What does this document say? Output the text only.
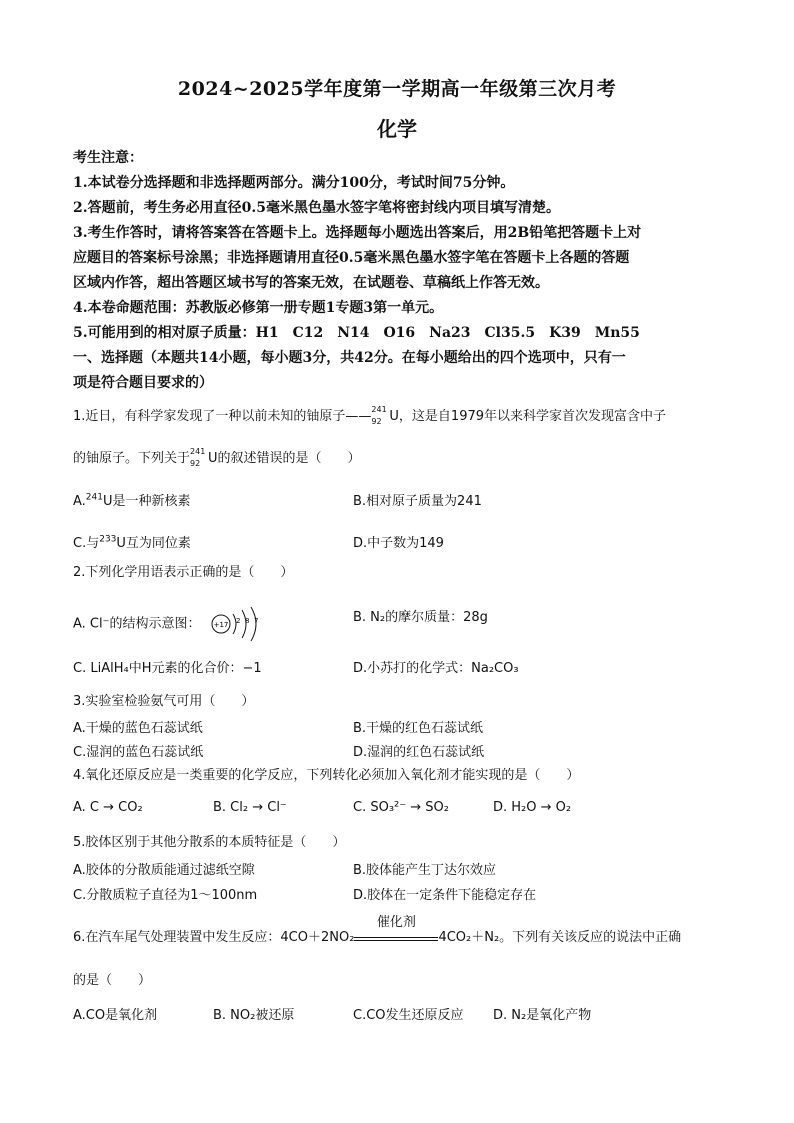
2024~2025学年度第一学期高一年级第三次月考
化学
考生注意：
1.本试卷分选择题和非选择题两部分。满分100分，考试时间75分钟。
2.答题前，考生务必用直径0.5毫米黑色墨水签字笔将密封线内项目填写清楚。
3.考生作答时，请将答案答在答题卡上。选择题每小题选出答案后，用2B铅笔把答题卡上对
应题目的答案标号涂黑；非选择题请用直径0.5毫米黑色墨水签字笔在答题卡上各题的答题
区域内作答，超出答题区域书写的答案无效，在试题卷、草稿纸上作答无效。
4.本卷命题范围：苏教版必修第一册专题1专题3第一单元。
5.可能用到的相对原子质量：H1　C12　N14　O16　Na23　Cl35.5　K39　Mn55
一、选择题（本题共14小题，每小题3分，共42分。在每小题给出的四个选项中，只有一
项是符合题目要求的）
1.近日，有科学家发现了一种以前未知的铀原子—— 241
92 U，这是自1979年以来科学家首次发现富含中子
的铀原子。下列关于 241
92 U的叙述错误的是（　　）
A.$^{241}$U是一种新核素	B.相对原子质量为241
C.与$^{233}$U互为同位素	D.中子数为149
2.下列化学用语表示正确的是（　　）
A. Cl⁻的结构示意图： +17 2 8 7	B. N₂的摩尔质量：28g
C. LiAlH₄中H元素的化合价：−1	D.小苏打的化学式：Na₂CO₃
3.实验室检验氨气可用（　　）
A.干燥的蓝色石蕊试纸	B.干燥的红色石蕊试纸
C.湿润的蓝色石蕊试纸	D.湿润的红色石蕊试纸
4.氧化还原反应是一类重要的化学反应，下列转化必须加入氧化剂才能实现的是（　　）
A. C → CO₂	B. Cl₂ → Cl⁻	C. SO₃²⁻ → SO₂	D. H₂O → O₂
5.胶体区别于其他分散系的本质特征是（　　）
A.胶体的分散质能通过滤纸空隙	B.胶体能产生丁达尔效应
C.分散质粒子直径为1～100nm	D.胶体在一定条件下能稳定存在
6.在汽车尾气处理装置中发生反应：4CO＋2NO₂
催化剂
4CO₂＋N₂。下列有关该反应的说法中正确
的是（　　）
A.CO是氧化剂	B. NO₂被还原	C.CO发生还原反应 D. N₂是氧化产物
